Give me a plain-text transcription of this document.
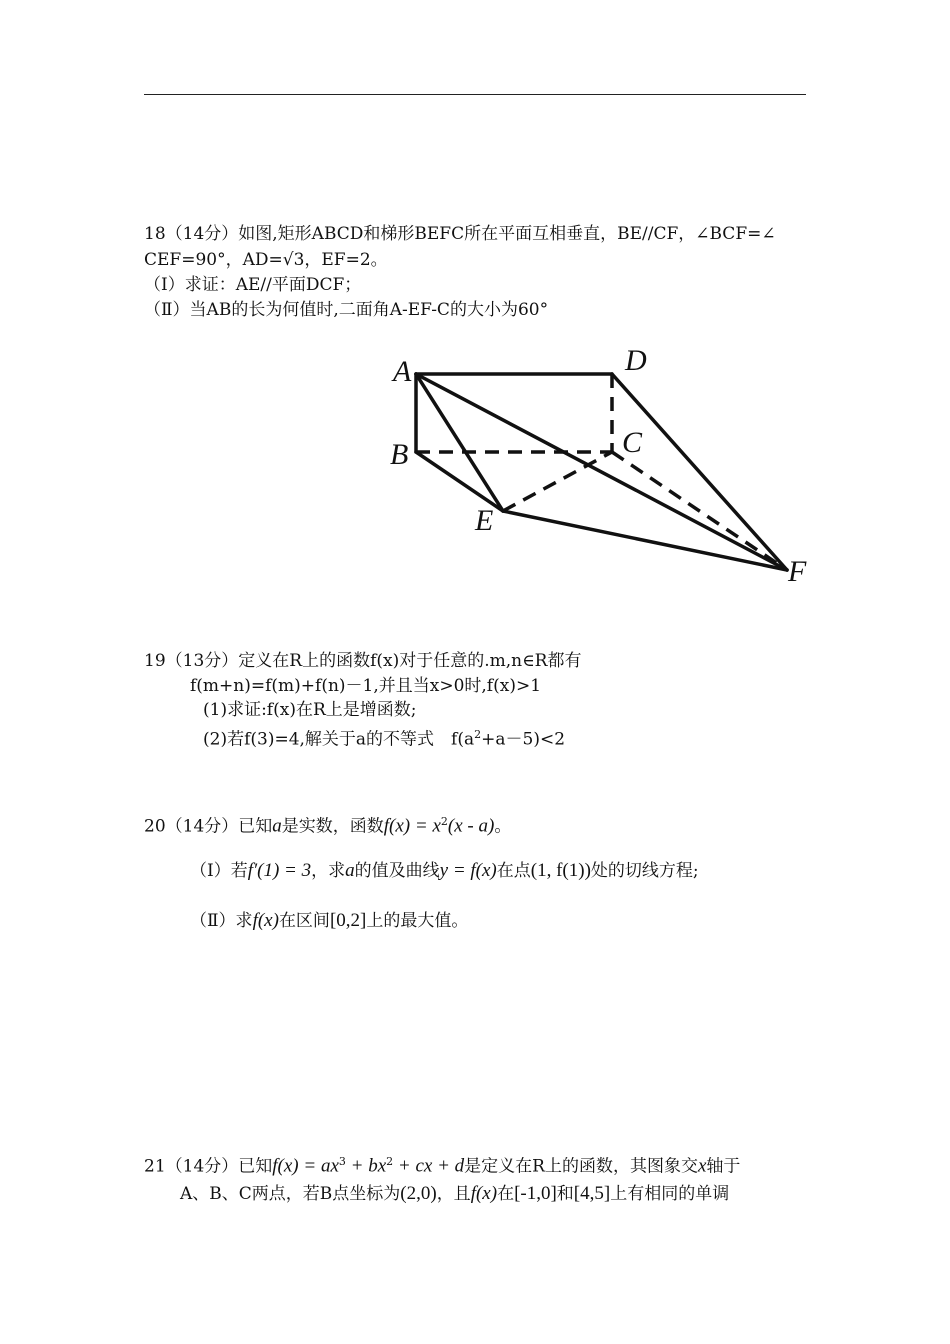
18（14分）如图,矩形ABCD和梯形BEFC所在平面互相垂直，BE//CF，∠BCF=∠
CEF=90°，AD=√3，EF=2。
（Ⅰ）求证：AE//平面DCF；
（Ⅱ）当AB的长为何值时,二面角A-EF-C的大小为60°
A	D
B	C
E
F
19（13分）定义在R上的函数f(x)对于任意的.m,n∈R都有
f(m+n)=f(m)+f(n)－1,并且当x>0时,f(x)>1
(1)求证:f(x)在R上是增函数;
(2)若f(3)=4,解关于a的不等式　$f(a^2+a-5)<2$
20（14分）已知a是实数，函数$f(x) = x^2(x - a)$。
（Ⅰ）若f′(1) = 3，求a的值及曲线y = f(x)在点(1, f(1))处的切线方程;
（Ⅱ）求f(x)在区间[0,2]上的最大值。
21（14分）已知$f(x) = ax^3 + bx^2$ + cx + d是定义在R上的函数，其图象交x轴于
A、B、C两点，若B点坐标为(2,0)，且f(x)在[-1,0]和[4,5]上有相同的单调
